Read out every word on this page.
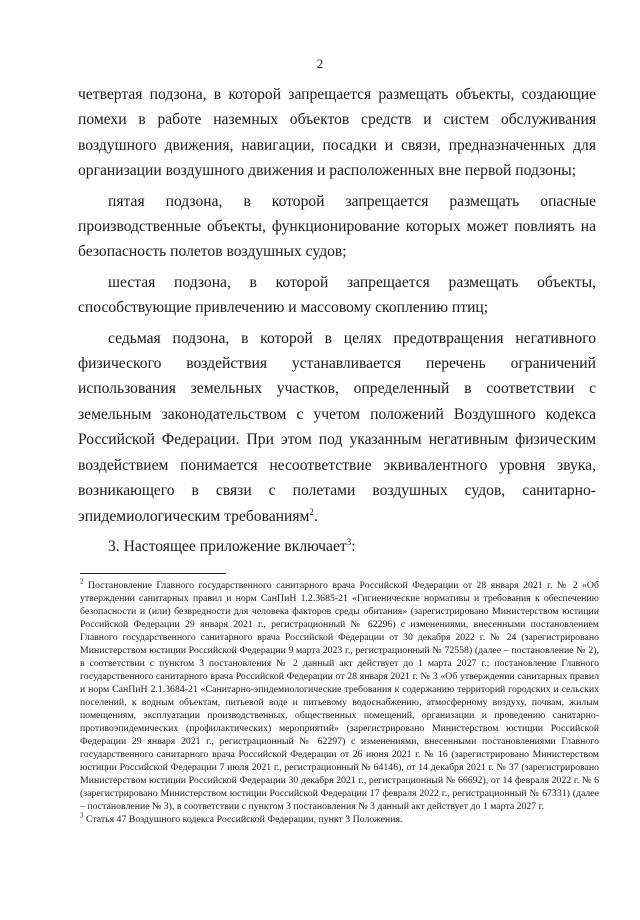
2

четвертая подзона, в которой запрещается размещать объекты, создающие помехи в работе наземных объектов средств и систем обслуживания воздушного движения, навигации, посадки и связи, предназначенных для организации воздушного движения и расположенных вне первой подзоны;

пятая подзона, в которой запрещается размещать опасные производственные объекты, функционирование которых может повлиять на безопасность полетов воздушных судов;

шестая подзона, в которой запрещается размещать объекты, способствующие привлечению и массовому скоплению птиц;

седьмая подзона, в которой в целях предотвращения негативного физического воздействия устанавливается перечень ограничений использования земельных участков, определенный в соответствии с земельным законодательством с учетом положений Воздушного кодекса Российской Федерации. При этом под указанным негативным физическим воздействием понимается несоответствие эквивалентного уровня звука, возникающего в связи с полетами воздушных судов, санитарно-эпидемиологическим требованиям$^2$.

3. Настоящее приложение включает$^3$:

$^2$ Постановление Главного государственного санитарного врача Российской Федерации от 28 января 2021 г. № 2 «Об утверждении санитарных правил и норм СанПиН 1.2.3685-21 «Гигиенические нормативы и требования к обеспечению безопасности и (или) безвредности для человека факторов среды обитания» (зарегистрировано Министерством юстиции Российской Федерации 29 января 2021 г., регистрационный № 62296) с изменениями, внесенными постановлением Главного государственного санитарного врача Российской Федерации от 30 декабря 2022 г. № 24 (зарегистрировано Министерством юстиции Российской Федерации 9 марта 2023 г., регистрационный № 72558) (далее – постановление № 2), в соответствии с пунктом 3 постановления № 2 данный акт действует до 1 марта 2027 г.; постановление Главного государственного санитарного врача Российской Федерации от 28 января 2021 г. № 3 «Об утверждении санитарных правил и норм СанПиН 2.1.3684-21 «Санитарно-эпидемиологические требования к содержанию территорий городских и сельских поселений, к водным объектам, питьевой воде и питьевому водоснабжению, атмосферному воздуху, почвам, жилым помещениям, эксплуатации производственных, общественных помещений, организации и проведению санитарно-противоэпидемических (профилактических) мероприятий» (зарегистрировано Министерством юстиции Российской Федерации 29 января 2021 г., регистрационный № 62297) с изменениями, внесенными постановлениями Главного государственного санитарного врача Российской Федерации от 26 июня 2021 г. № 16 (зарегистрировано Министерством юстиции Российской Федерации 7 июля 2021 г., регистрационный № 64146), от 14 декабря 2021 г. № 37 (зарегистрировано Министерством юстиции Российской Федерации 30 декабря 2021 г., регистрационный № 66692), от 14 февраля 2022 г. № 6 (зарегистрировано Министерством юстиции Российской Федерации 17 февраля 2022 г., регистрационный № 67331) (далее – постановление № 3), в соответствии с пунктом 3 постановления № 3 данный акт действует до 1 марта 2027 г.

$^3$ Статья 47 Воздушного кодекса Российской Федерации, пункт 3 Положения.
